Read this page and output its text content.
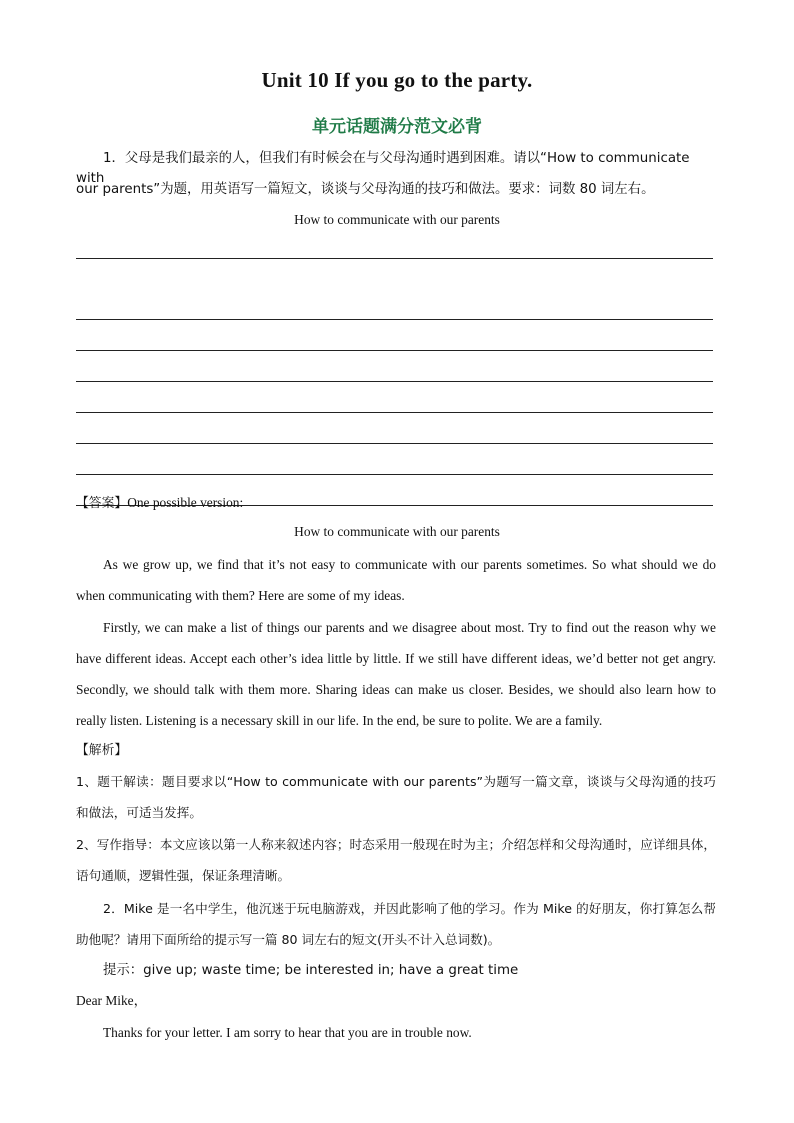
Unit 10 If you go to the party.
单元话题满分范文必背
1．父母是我们最亲的人，但我们有时候会在与父母沟通时遇到困难。请以“How to communicate with
our parents”为题，用英语写一篇短文，谈谈与父母沟通的技巧和做法。要求：词数 80 词左右。
How to communicate with our parents
【答案】One possible version:
How to communicate with our parents

As we grow up, we find that it’s not easy to communicate with our parents sometimes. So what should we do when communicating with them? Here are some of my ideas.

Firstly, we can make a list of things our parents and we disagree about most. Try to find out the reason why we have different ideas. Accept each other’s idea little by little. If we still have different ideas, we’d better not get angry. Secondly, we should talk with them more. Sharing ideas can make us closer. Besides, we should also learn how to really listen. Listening is a necessary skill in our life. In the end, be sure to polite. We are a family.

【解析】

1、题干解读：题目要求以“How to communicate with our parents”为题写一篇文章，谈谈与父母沟通的技巧和做法，可适当发挥。

2、写作指导：本文应该以第一人称来叙述内容；时态采用一般现在时为主；介绍怎样和父母沟通时，应详细具体，语句通顺，逻辑性强，保证条理清晰。

2．Mike 是一名中学生，他沉迷于玩电脑游戏，并因此影响了他的学习。作为 Mike 的好朋友，你打算怎么帮助他呢？请用下面所给的提示写一篇 80 词左右的短文(开头不计入总词数)。

提示：give up; waste time; be interested in; have a great time
Dear Mike，
Thanks for your letter. I am sorry to hear that you are in trouble now.
